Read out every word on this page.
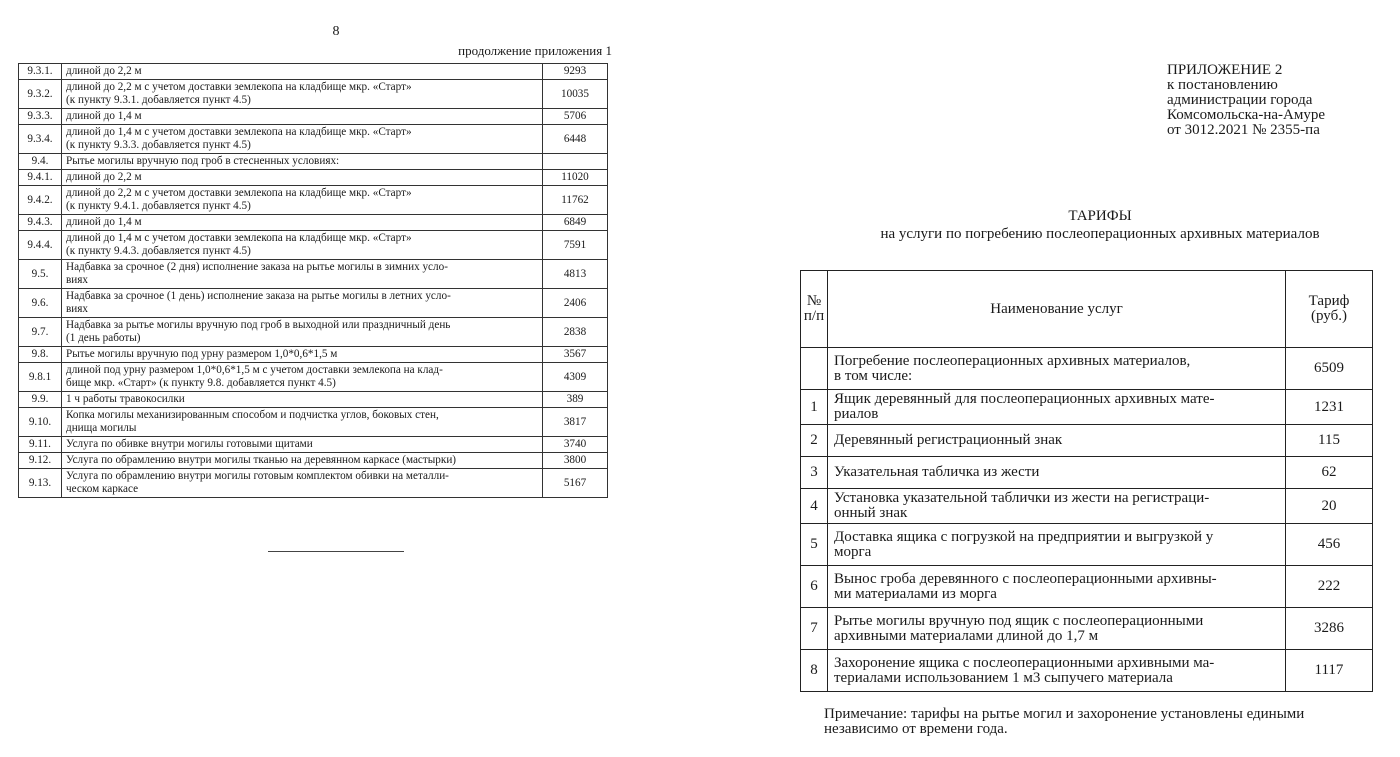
8
продолжение приложения 1
9.3.1.	длиной до 2,2 м	9293
9.3.2.	длиной до 2,2 м с учетом доставки землекопа на кладбище мкр. «Старт»
(к пункту 9.3.1. добавляется пункт 4.5)	10035
9.3.3.	длиной до 1,4 м	5706
9.3.4.	длиной до 1,4 м с учетом доставки землекопа на кладбище мкр. «Старт»
(к пункту 9.3.3. добавляется пункт 4.5)	6448
9.4.	Рытье могилы вручную под гроб в стесненных условиях:	
9.4.1.	длиной до 2,2 м	11020
9.4.2.	длиной до 2,2 м с учетом доставки землекопа на кладбище мкр. «Старт»
(к пункту 9.4.1. добавляется пункт 4.5)	11762
9.4.3.	длиной до 1,4 м	6849
9.4.4.	длиной до 1,4 м с учетом доставки землекопа на кладбище мкр. «Старт»
(к пункту 9.4.3. добавляется пункт 4.5)	7591
9.5.	Надбавка за срочное (2 дня) исполнение заказа на рытье могилы в зимних усло-
виях	4813
9.6.	Надбавка за срочное (1 день) исполнение заказа на рытье могилы в летних усло-
виях	2406
9.7.	Надбавка за рытье могилы вручную под гроб в выходной или праздничный день
(1 день работы)	2838
9.8.	Рытье могилы вручную под урну размером 1,0*0,6*1,5 м	3567
9.8.1	длиной под урну размером 1,0*0,6*1,5 м с учетом доставки землекопа на клад-
бище мкр. «Старт» (к пункту 9.8. добавляется пункт 4.5)	4309
9.9.	1 ч работы травокосилки	389
9.10.	Копка могилы механизированным способом и подчистка углов, боковых стен,
днища могилы	3817
9.11.	Услуга по обивке внутри могилы готовыми щитами	3740
9.12.	Услуга по обрамлению внутри могилы тканью на деревянном каркасе (мастырки)	3800
9.13.	Услуга по обрамлению внутри могилы готовым комплектом обивки на металли-
ческом каркасе	5167
ПРИЛОЖЕНИЕ 2
к постановлению
администрации города
Комсомольска-на-Амуре
от 3012.2021 № 2355-па
ТАРИФЫ
на услуги по погребению послеоперационных архивных материалов
№
п/п	Наименование услуг	Тариф
(руб.)
	Погребение послеоперационных архивных материалов,
в том числе:	6509
1	Ящик деревянный для послеоперационных архивных мате-
риалов	1231
2	Деревянный регистрационный знак	115
3	Указательная табличка из жести	62
4	Установка указательной таблички из жести на регистраци-
онный знак	20
5	Доставка ящика с погрузкой на предприятии и выгрузкой у
морга	456
6	Вынос гроба деревянного с послеоперационными архивны-
ми материалами из морга	222
7	Рытье могилы вручную под ящик с послеоперационными
архивными материалами длиной до 1,7 м	3286
8	Захоронение ящика с послеоперационными архивными ма-
териалами использованием 1 м3 сыпучего материала	1117
Примечание: тарифы на рытье могил и захоронение установлены едиными
независимо от времени года.
